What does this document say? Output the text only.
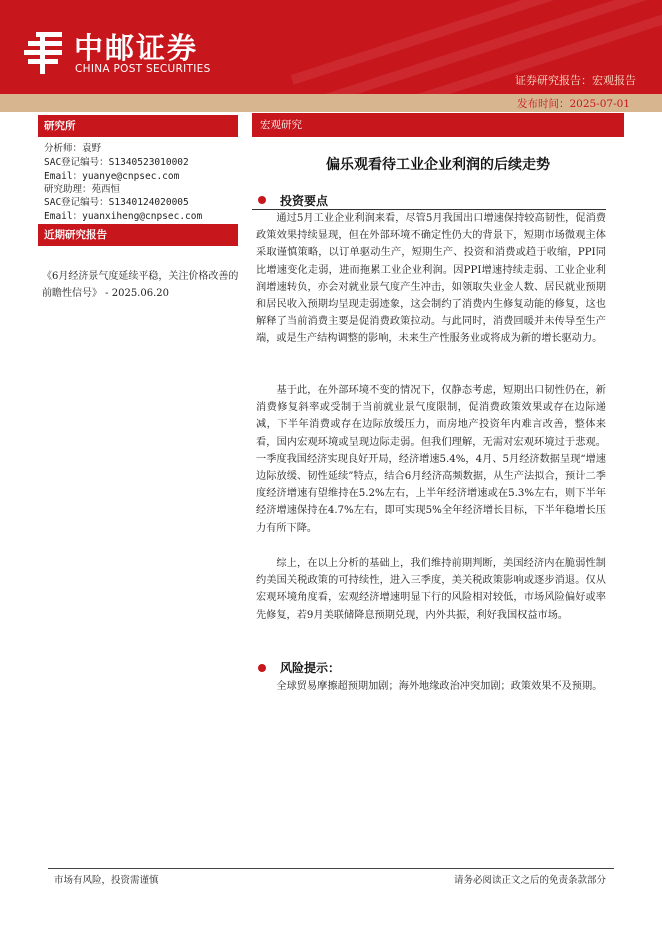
中邮证券
CHINA POST SECURITIES
证券研究报告：宏观报告
发布时间：2025-07-01
研究所
分析师：袁野
SAC登记编号：S1340523010002
Email：yuanye@cnpsec.com
研究助理：苑西恒
SAC登记编号：S1340124020005
Email：yuanxiheng@cnpsec.com
近期研究报告
《6月经济景气度延续平稳，关注价格改善的前瞻性信号》 - 2025.06.20
宏观研究
偏乐观看待工业企业利润的后续走势
投资要点

通过5月工业企业利润来看，尽管5月我国出口增速保持较高韧性，促消费政策效果持续显现，但在外部环境不确定性仍大的背景下，短期市场微观主体采取谨慎策略，以订单驱动生产，短期生产、投资和消费或趋于收缩，PPI同比增速变化走弱，进而拖累工业企业利润。因PPI增速持续走弱、工业企业利润增速转负，亦会对就业景气度产生冲击，如领取失业金人数、居民就业预期和居民收入预期均呈现走弱迹象，这会制约了消费内生修复动能的修复，这也解释了当前消费主要是促消费政策拉动。与此同时，消费回暖并未传导至生产端，或是生产结构调整的影响，未来生产性服务业或将成为新的增长驱动力。

基于此，在外部环境不变的情况下，仅静态考虑，短期出口韧性仍在，新消费修复斜率或受制于当前就业景气度限制，促消费政策效果或存在边际递减，下半年消费或存在边际放缓压力，而房地产投资年内难言改善，整体来看，国内宏观环境或呈现边际走弱。但我们理解，无需对宏观环境过于悲观。一季度我国经济实现良好开局，经济增速5.4%，4月、5月经济数据呈现“增速边际放缓、韧性延续”特点，结合6月经济高频数据，从生产法拟合，预计二季度经济增速有望维持在5.2%左右，上半年经济增速或在5.3%左右，则下半年经济增速保持在4.7%左右，即可实现5%全年经济增长目标，下半年稳增长压力有所下降。

综上，在以上分析的基础上，我们维持前期判断，美国经济内在脆弱性制约美国关税政策的可持续性，进入三季度，美关税政策影响或逐步消退。仅从宏观环境角度看，宏观经济增速明显下行的风险相对较低，市场风险偏好或率先修复，若9月美联储降息预期兑现，内外共振，利好我国权益市场。

风险提示：

全球贸易摩擦超预期加剧；海外地缘政治冲突加剧；政策效果不及预期。

市场有风险，投资需谨慎	请务必阅读正文之后的免责条款部分
